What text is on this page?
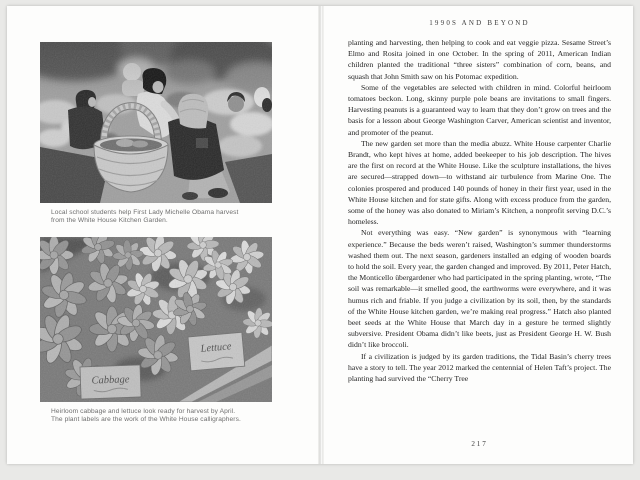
Local school students help First Lady Michelle Obama harvest
from the White House Kitchen Garden.
Lettuce
Cabbage
Heirloom cabbage and lettuce look ready for harvest by April.
The plant labels are the work of the White House calligraphers.
1990S AND BEYOND

planting and harvesting, then helping to cook and eat veggie pizza. Sesame Street’s Elmo and Rosita joined in one October. In the spring of 2011, American Indian children planted the traditional “three sisters” combination of corn, beans, and squash that John Smith saw on his Potomac expedition.

Some of the vegetables are selected with children in mind. Colorful heirloom tomatoes beckon. Long, skinny purple pole beans are invitations to small fingers. Harvesting peanuts is a guaranteed way to learn that they don’t grow on trees and the basis for a lesson about George Washington Carver, American scientist and inventor, and promoter of the peanut.

The new garden set more than the media abuzz. White House carpenter Charlie Brandt, who kept hives at home, added beekeeper to his job description. The hives are the first on record at the White House. Like the sculpture installations, the hives are secured—strapped down—to withstand air turbulence from Marine One. The colonies prospered and produced 140 pounds of honey in their first year, used in the White House kitchen and for state gifts. Along with excess produce from the garden, some of the honey was also donated to Miriam’s Kitchen, a nonprofit serving D.C.’s homeless.

Not everything was easy. “New garden” is synonymous with “learning experience.” Because the beds weren’t raised, Washington’s summer thunderstorms washed them out. The next season, gardeners installed an edging of wooden boards to hold the soil. Every year, the garden changed and improved. By 2011, Peter Hatch, the Monticello übergardener who had participated in the spring planting, wrote, “The soil was remarkable—it smelled good, the earthworms were everywhere, and it was humus rich and friable. If you judge a civilization by its soil, then, by the standards of the White House kitchen garden, we’re making real progress.” Hatch also planted beet seeds at the White House that March day in a gesture he termed slightly subversive. President Obama didn’t like beets, just as President George H. W. Bush didn’t like broccoli.

If a civilization is judged by its garden traditions, the Tidal Basin’s cherry trees have a story to tell. The year 2012 marked the centennial of Helen Taft’s project. The planting had survived the “Cherry Tree

217
